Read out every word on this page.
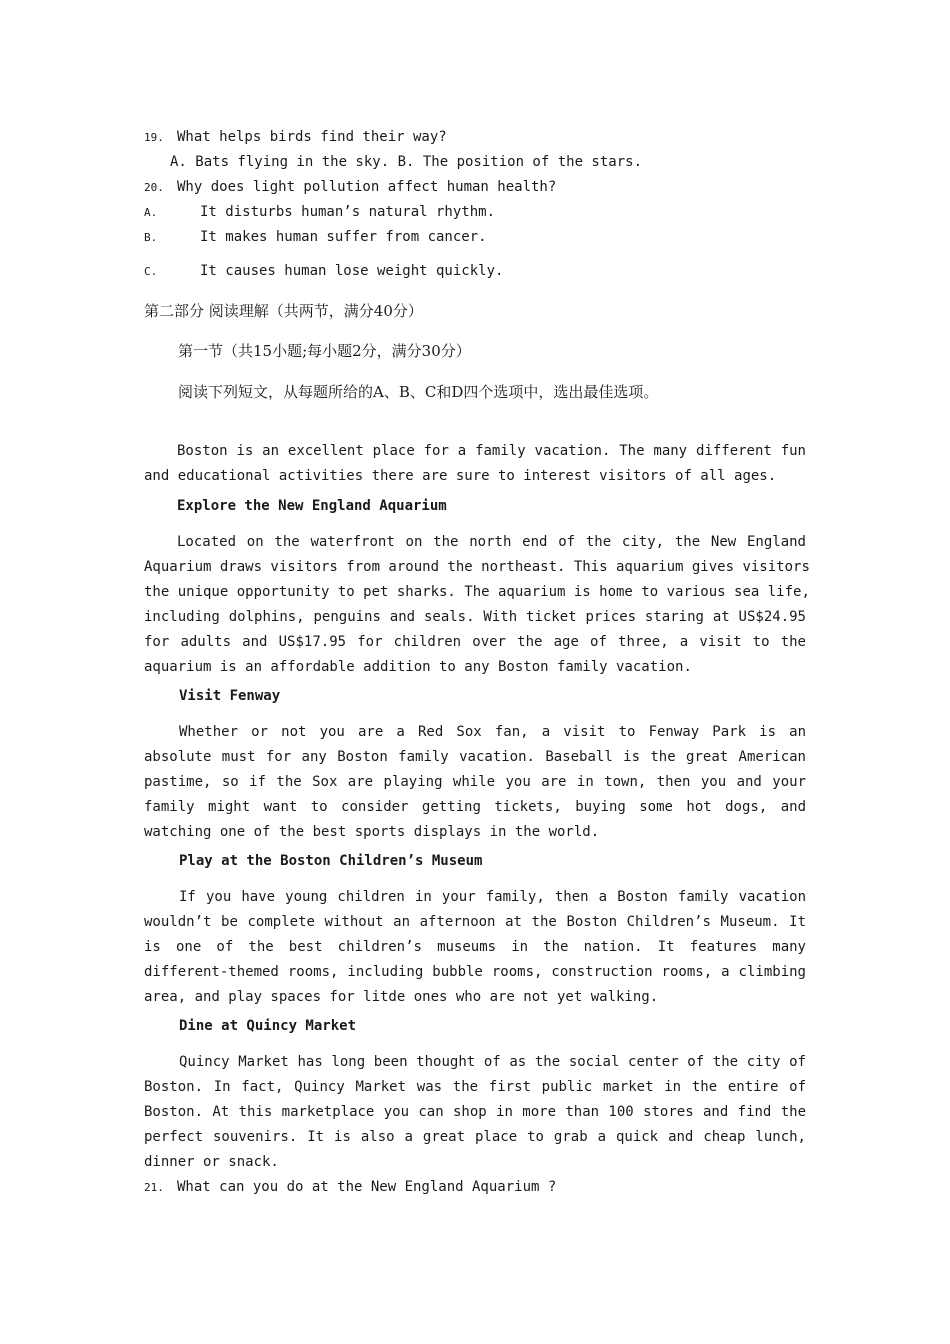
19. What helps birds find their way?
A. Bats flying in the sky. B. The position of the stars.
20. Why does light pollution affect human health?
A.	It disturbs human’s natural rhythm.
B.	It makes human suffer from cancer.
C.	It causes human lose weight quickly.
第二部分 阅读理解（共两节，满分40分）
第一节（共15小题;每小题2分，满分30分）
阅读下列短文，从每题所给的A、B、C和D四个选项中，选出最佳选项。
Boston is an excellent place for a family vacation. The many different fun
and educational activities there are sure to interest visitors of all ages.
Explore the New England Aquarium
Located on the waterfront on the north end of the city, the New England
Aquarium draws visitors from around the northeast. This aquarium gives visitors
the unique opportunity to pet sharks. The aquarium is home to various sea life,
including dolphins, penguins and seals. With ticket prices staring at US$24.95
for adults and US$17.95 for children over the age of three, a visit to the
aquarium is an affordable addition to any Boston family vacation.
Visit Fenway
Whether or not you are a Red Sox fan, a visit to Fenway Park is an
absolute must for any Boston family vacation. Baseball is the great American
pastime, so if the Sox are playing while you are in town, then you and your
family might want to consider getting tickets, buying some hot dogs, and
watching one of the best sports displays in the world.
Play at the Boston Children’s Museum
If you have young children in your family, then a Boston family vacation
wouldn’t be complete without an afternoon at the Boston Children’s Museum. It
is one of the best children’s museums in the nation. It features many
different-themed rooms, including bubble rooms, construction rooms, a climbing
area, and play spaces for litde ones who are not yet walking.
Dine at Quincy Market
Quincy Market has long been thought of as the social center of the city of
Boston. In fact, Quincy Market was the first public market in the entire of
Boston. At this marketplace you can shop in more than 100 stores and find the
perfect souvenirs. It is also a great place to grab a quick and cheap lunch,
dinner or snack.
21. What can you do at the New England Aquarium ?
